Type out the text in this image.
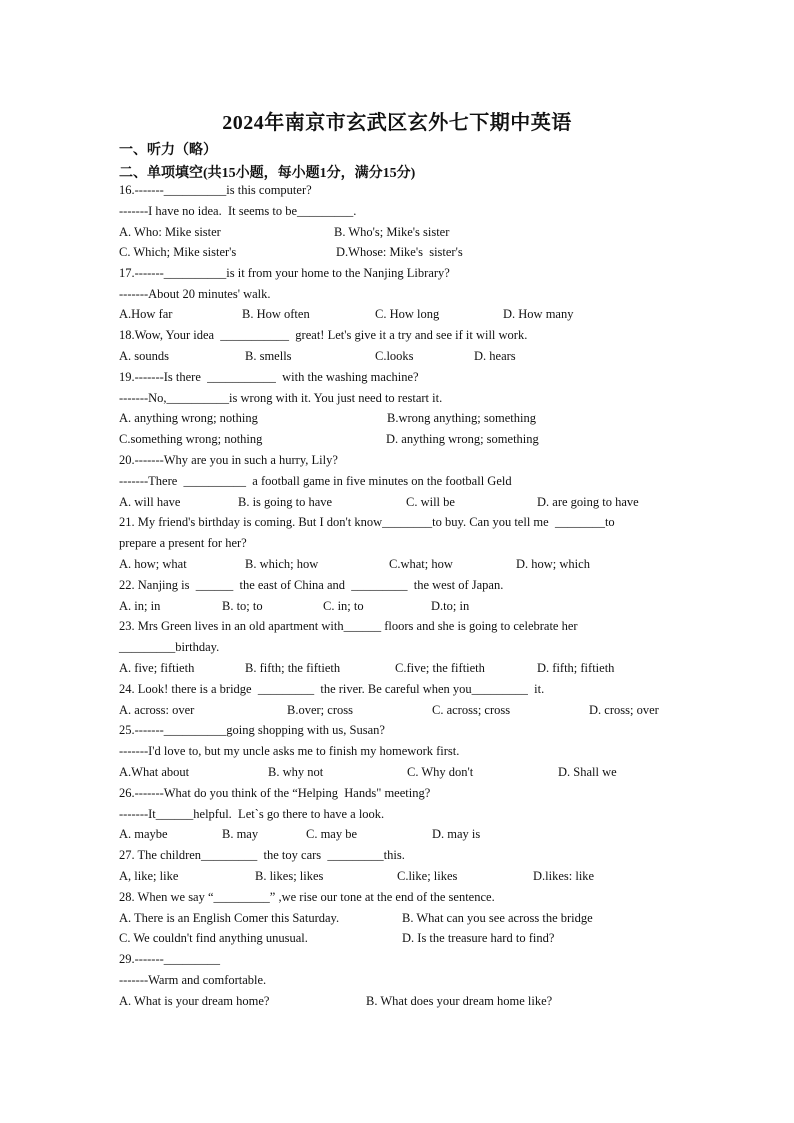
2024年南京市玄武区玄外七下期中英语
一、听力（略）
二、单项填空(共15小题，每小题1分，满分15分)
16.-------__________is this computer?
-------I have no idea.  It seems to be_________.
A. Who: Mike sister	B. Who's; Mike's sister
C. Which; Mike sister's	D.Whose: Mike's  sister's
17.-------__________is it from your home to the Nanjing Library?
-------About 20 minutes' walk.
A.How far	B. How often	C. How long	D. How many
18.Wow, Your idea  ___________  great! Let's give it a try and see if it will work.
A. sounds	B. smells	C.looks	D. hears
19.-------Is there  ___________  with the washing machine?
-------No,__________is wrong with it. You just need to restart it.
A. anything wrong; nothing	B.wrong anything; something
C.something wrong; nothing	D. anything wrong; something
20.-------Why are you in such a hurry, Lily?
-------There  __________  a football game in five minutes on the football Geld
A. will have	B. is going to have	C. will be	D. are going to have
21. My friend's birthday is coming. But I don't know________to buy. Can you tell me  ________to
prepare a present for her?
A. how; what	B. which; how	C.what; how	D. how; which
22. Nanjing is  ______  the east of China and  _________  the west of Japan.
A. in; in	B. to; to	C. in; to	D.to; in
23. Mrs Green lives in an old apartment with______ floors and she is going to celebrate her
_________birthday.
A. five; fiftieth	B. fifth; the fiftieth	C.five; the fiftieth	D. fifth; fiftieth
24. Look! there is a bridge  _________  the river. Be careful when you_________  it.
A. across: over	B.over; cross	C. across; cross	D. cross; over
25.-------__________going shopping with us, Susan?
-------I'd love to, but my uncle asks me to finish my homework first.
A.What about	B. why not	C. Why don't	D. Shall we
26.-------What do you think of the “Helping  Hands" meeting?
-------It______helpful.  Let`s go there to have a look.
A. maybe	B. may	C. may be	D. may is
27. The children_________  the toy cars  _________this.
A, like; like	B. likes; likes	C.like; likes	D.likes: like
28. When we say “_________” ,we rise our tone at the end of the sentence.
A. There is an English Comer this Saturday.	B. What can you see across the bridge
C. We couldn't find anything unusual.	D. Is the treasure hard to find?
29.-------_________
-------Warm and comfortable.
A. What is your dream home?	B. What does your dream home like?
